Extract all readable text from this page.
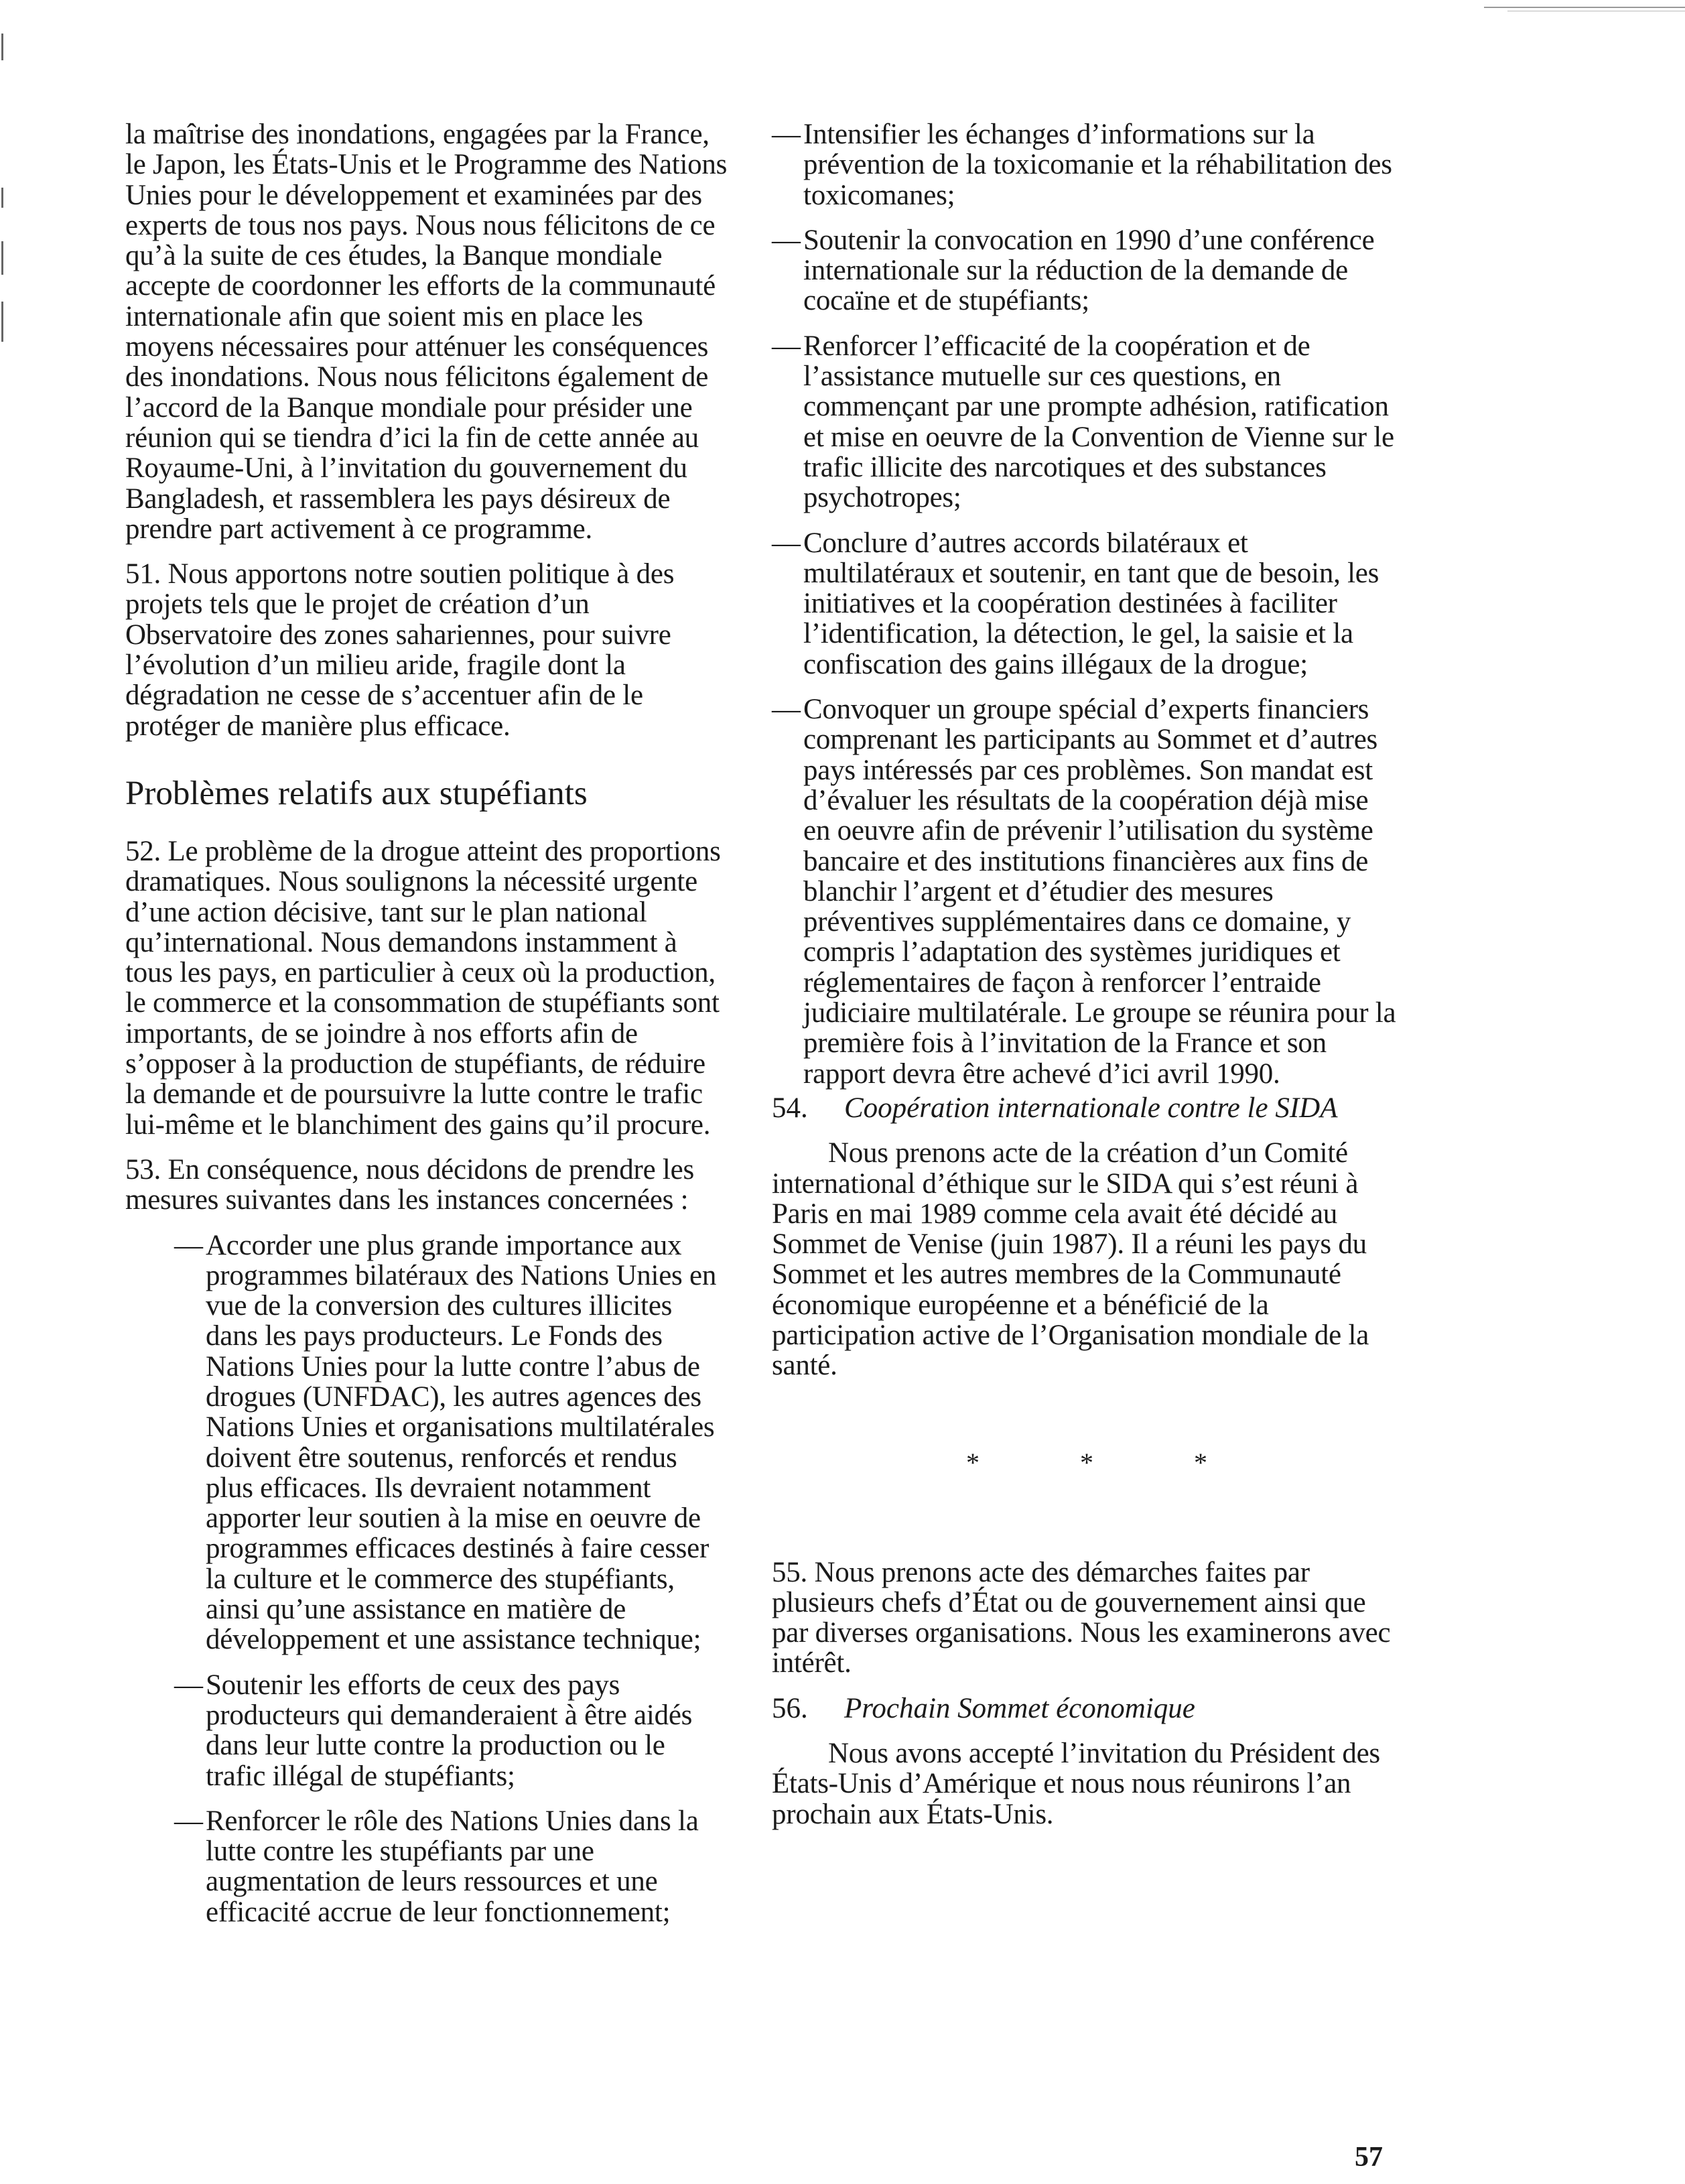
la maîtrise des inondations, engagées par la France, le Japon, les États-Unis et le Programme des Nations Unies pour le développement et examinées par des experts de tous nos pays. Nous nous félicitons de ce qu’à la suite de ces études, la Banque mondiale accepte de coordonner les efforts de la communauté internationale afin que soient mis en place les moyens nécessaires pour atténuer les conséquences des inondations. Nous nous félicitons également de l’accord de la Banque mondiale pour présider une réunion qui se tiendra d’ici la fin de cette année au Royaume-Uni, à l’invitation du gouvernement du Bangladesh, et rassemblera les pays désireux de prendre part activement à ce programme.

51. Nous apportons notre soutien politique à des projets tels que le projet de création d’un Observatoire des zones sahariennes, pour suivre l’évolution d’un milieu aride, fragile dont la dégradation ne cesse de s’accentuer afin de le protéger de manière plus efficace.

Problèmes relatifs aux stupéfiants

52. Le problème de la drogue atteint des proportions dramatiques. Nous soulignons la nécessité urgente d’une action décisive, tant sur le plan national qu’international. Nous demandons instamment à tous les pays, en particulier à ceux où la production, le commerce et la consommation de stupéfiants sont importants, de se joindre à nos efforts afin de s’opposer à la production de stupéfiants, de réduire la demande et de poursuivre la lutte contre le trafic lui-même et le blanchiment des gains qu’il procure.

53. En conséquence, nous décidons de prendre les mesures suivantes dans les instances concernées :

— Accorder une plus grande importance aux programmes bilatéraux des Nations Unies en vue de la conversion des cultures illicites dans les pays producteurs. Le Fonds des Nations Unies pour la lutte contre l’abus de drogues (UNFDAC), les autres agences des Nations Unies et organisations multilatérales doivent être soutenus, renforcés et rendus plus efficaces. Ils devraient notamment apporter leur soutien à la mise en oeuvre de programmes efficaces destinés à faire cesser la culture et le commerce des stupéfiants, ainsi qu’une assistance en matière de développement et une assistance technique;
— Soutenir les efforts de ceux des pays producteurs qui demanderaient à être aidés dans leur lutte contre la production ou le trafic illégal de stupéfiants;
— Renforcer le rôle des Nations Unies dans la lutte contre les stupéfiants par une augmentation de leurs ressources et une efficacité accrue de leur fonctionnement;
— Intensifier les échanges d’informations sur la prévention de la toxicomanie et la réhabilitation des toxicomanes;
— Soutenir la convocation en 1990 d’une conférence internationale sur la réduction de la demande de cocaïne et de stupéfiants;
— Renforcer l’efficacité de la coopération et de l’assistance mutuelle sur ces questions, en commençant par une prompte adhésion, ratification et mise en oeuvre de la Convention de Vienne sur le trafic illicite des narcotiques et des substances psychotropes;
— Conclure d’autres accords bilatéraux et multilatéraux et soutenir, en tant que de besoin, les initiatives et la coopération destinées à faciliter l’identification, la détection, le gel, la saisie et la confiscation des gains illégaux de la drogue;
— Convoquer un groupe spécial d’experts financiers comprenant les participants au Sommet et d’autres pays intéressés par ces problèmes. Son mandat est d’évaluer les résultats de la coopération déjà mise en oeuvre afin de prévenir l’utilisation du système bancaire et des institutions financières aux fins de blanchir l’argent et d’étudier des mesures préventives supplémentaires dans ce domaine, y compris l’adaptation des systèmes juridiques et réglementaires de façon à renforcer l’entraide judiciaire multilatérale. Le groupe se réunira pour la première fois à l’invitation de la France et son rapport devra être achevé d’ici avril 1990.
54. Coopération internationale contre le SIDA

Nous prenons acte de la création d’un Comité international d’éthique sur le SIDA qui s’est réuni à Paris en mai 1989 comme cela avait été décidé au Sommet de Venise (juin 1987). Il a réuni les pays du Sommet et les autres membres de la Communauté économique européenne et a bénéficié de la participation active de l’Organisation mondiale de la santé.

* * *

55. Nous prenons acte des démarches faites par plusieurs chefs d’État ou de gouvernement ainsi que par diverses organisations. Nous les examinerons avec intérêt.

56. Prochain Sommet économique

Nous avons accepté l’invitation du Président des États-Unis d’Amérique et nous nous réunirons l’an prochain aux États-Unis.

57
